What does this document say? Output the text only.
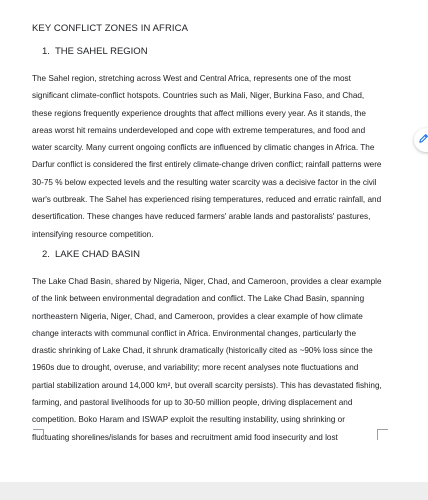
KEY CONFLICT ZONES IN AFRICA
1. THE SAHEL REGION

The Sahel region, stretching across West and Central Africa, represents one of the most significant climate-conflict hotspots. Countries such as Mali, Niger, Burkina Faso, and Chad, these regions frequently experience droughts that affect millions every year. As it stands, the areas worst hit remains underdeveloped and cope with extreme temperatures, and food and water scarcity. Many current ongoing conflicts are influenced by climatic changes in Africa. The Darfur conflict is considered the first entirely climate-change driven conflict; rainfall patterns were 30-75 % below expected levels and the resulting water scarcity was a decisive factor in the civil war's outbreak. The Sahel has experienced rising temperatures, reduced and erratic rainfall, and desertification. These changes have reduced farmers' arable lands and pastoralists' pastures, intensifying resource competition.

2. LAKE CHAD BASIN

The Lake Chad Basin, shared by Nigeria, Niger, Chad, and Cameroon, provides a clear example of the link between environmental degradation and conflict. The Lake Chad Basin, spanning northeastern Nigeria, Niger, Chad, and Cameroon, provides a clear example of how climate change interacts with communal conflict in Africa. Environmental changes, particularly the drastic shrinking of Lake Chad, it shrunk dramatically (historically cited as ~90% loss since the 1960s due to drought, overuse, and variability; more recent analyses note fluctuations and partial stabilization around 14,000 km², but overall scarcity persists). This has devastated fishing, farming, and pastoral livelihoods for up to 30-50 million people, driving displacement and competition. Boko Haram and ISWAP exploit the resulting instability, using shrinking or fluctuating shorelines/islands for bases and recruitment amid food insecurity and lost
